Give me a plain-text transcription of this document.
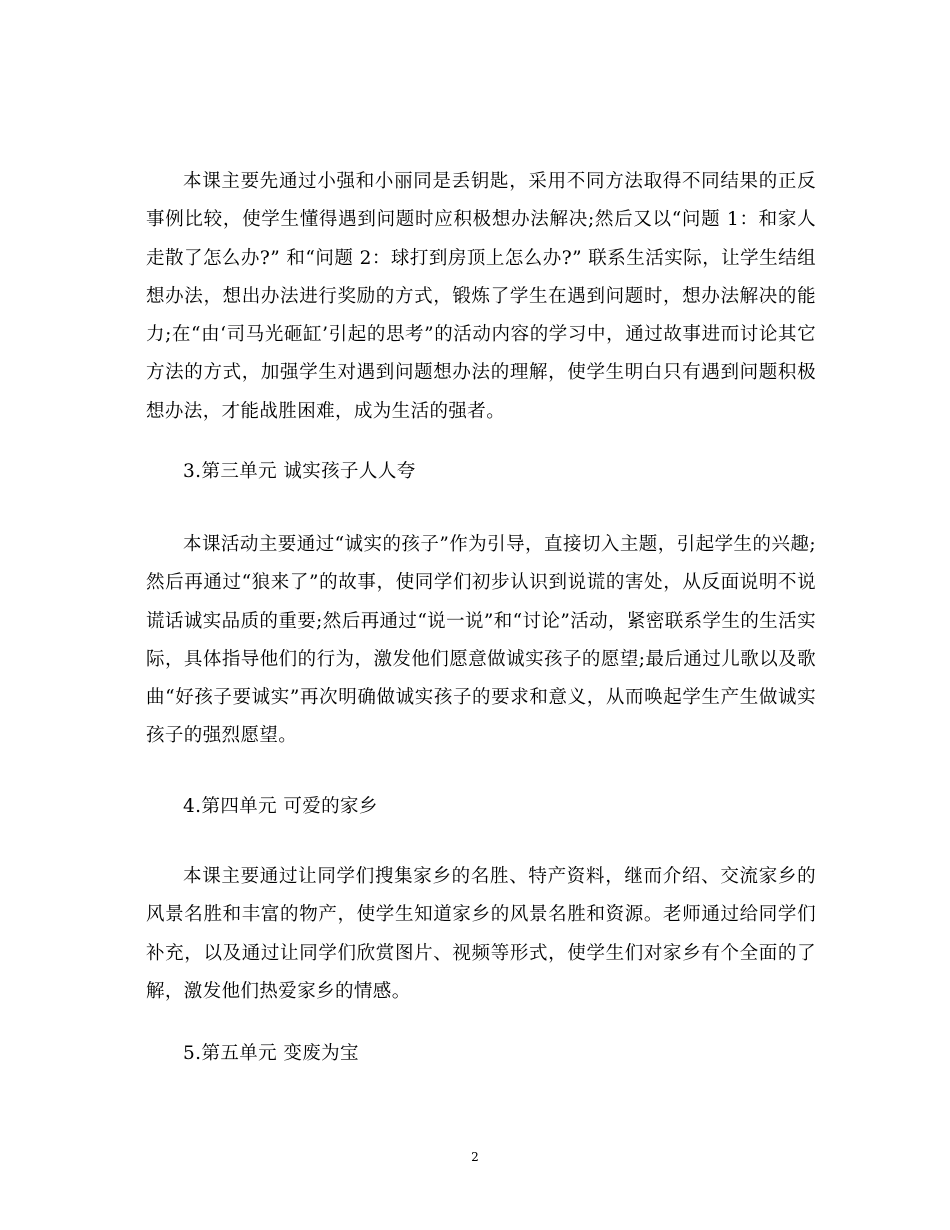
本课主要先通过小强和小丽同是丢钥匙，采用不同方法取得不同结果的正反事例比较，使学生懂得遇到问题时应积极想办法解决;然后又以“问题 1：和家人走散了怎么办?” 和“问题 2：球打到房顶上怎么办?” 联系生活实际，让学生结组想办法，想出办法进行奖励的方式，锻炼了学生在遇到问题时，想办法解决的能力;在“由‘司马光砸缸’引起的思考”的活动内容的学习中，通过故事进而讨论其它方法的方式，加强学生对遇到问题想办法的理解，使学生明白只有遇到问题积极想办法，才能战胜困难，成为生活的强者。

3.第三单元 诚实孩子人人夸

本课活动主要通过“诚实的孩子”作为引导，直接切入主题，引起学生的兴趣;然后再通过“狼来了”的故事，使同学们初步认识到说谎的害处，从反面说明不说谎话诚实品质的重要;然后再通过“说一说”和“讨论”活动，紧密联系学生的生活实际，具体指导他们的行为，激发他们愿意做诚实孩子的愿望;最后通过儿歌以及歌曲“好孩子要诚实”再次明确做诚实孩子的要求和意义，从而唤起学生产生做诚实孩子的强烈愿望。

4.第四单元 可爱的家乡

本课主要通过让同学们搜集家乡的名胜、特产资料，继而介绍、交流家乡的风景名胜和丰富的物产，使学生知道家乡的风景名胜和资源。老师通过给同学们补充，以及通过让同学们欣赏图片、视频等形式，使学生们对家乡有个全面的了解，激发他们热爱家乡的情感。

5.第五单元 变废为宝
2
